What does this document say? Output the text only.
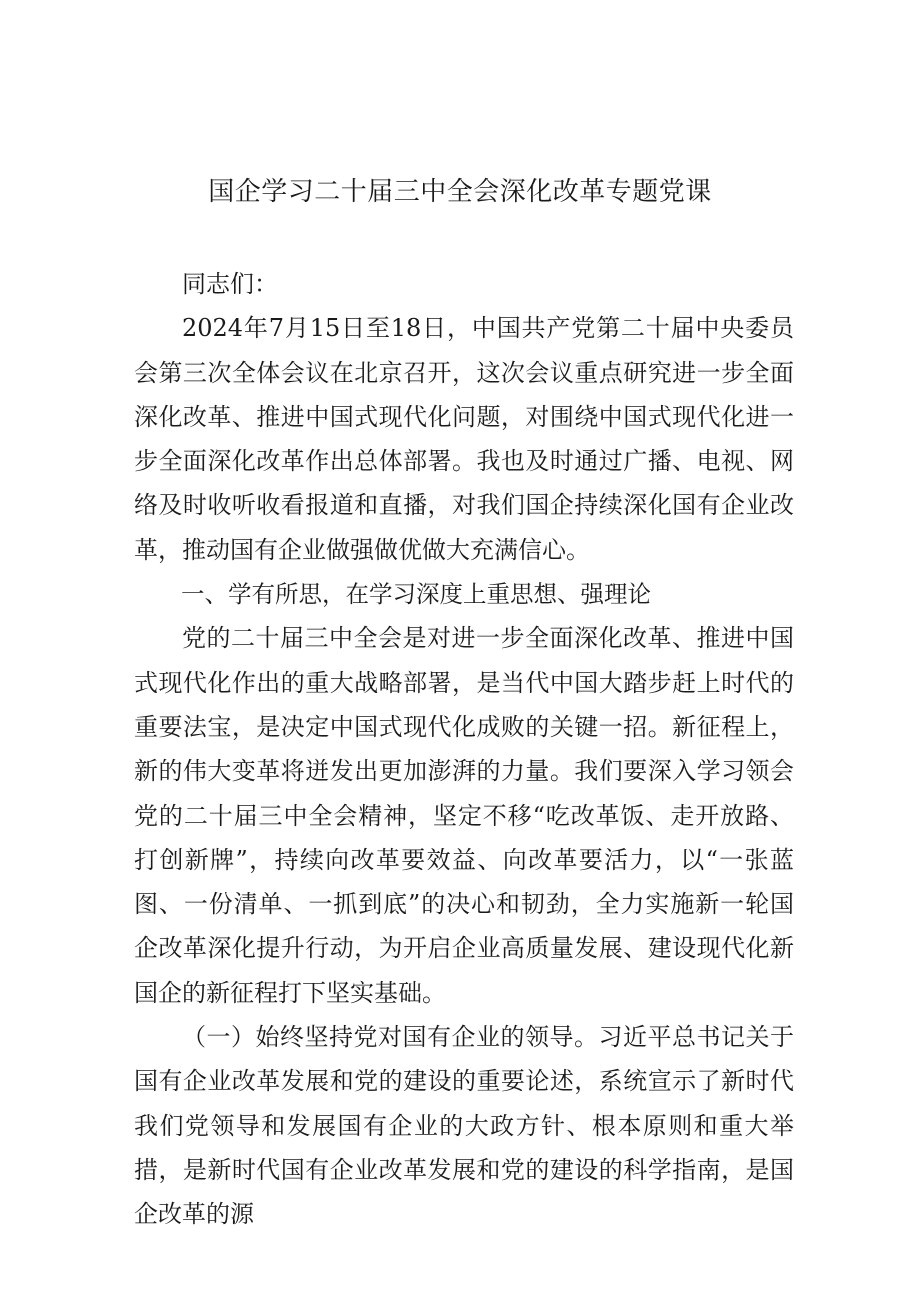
国企学习二十届三中全会深化改革专题党课

同志们：

2024年7月15日至18日，中国共产党第二十届中央委员会第三次全体会议在北京召开，这次会议重点研究进一步全面深化改革、推进中国式现代化问题，对围绕中国式现代化进一步全面深化改革作出总体部署。我也及时通过广播、电视、网络及时收听收看报道和直播，对我们国企持续深化国有企业改革，推动国有企业做强做优做大充满信心。

一、学有所思，在学习深度上重思想、强理论

党的二十届三中全会是对进一步全面深化改革、推进中国式现代化作出的重大战略部署，是当代中国大踏步赶上时代的重要法宝，是决定中国式现代化成败的关键一招。新征程上，新的伟大变革将迸发出更加澎湃的力量。我们要深入学习领会党的二十届三中全会精神，坚定不移“吃改革饭、走开放路、打创新牌”，持续向改革要效益、向改革要活力，以“一张蓝图、一份清单、一抓到底”的决心和韧劲，全力实施新一轮国企改革深化提升行动，为开启企业高质量发展、建设现代化新国企的新征程打下坚实基础。

（一）始终坚持党对国有企业的领导。习近平总书记关于国有企业改革发展和党的建设的重要论述，系统宣示了新时代我们党领导和发展国有企业的大政方针、根本原则和重大举措，是新时代国有企业改革发展和党的建设的科学指南，是国企改革的源
